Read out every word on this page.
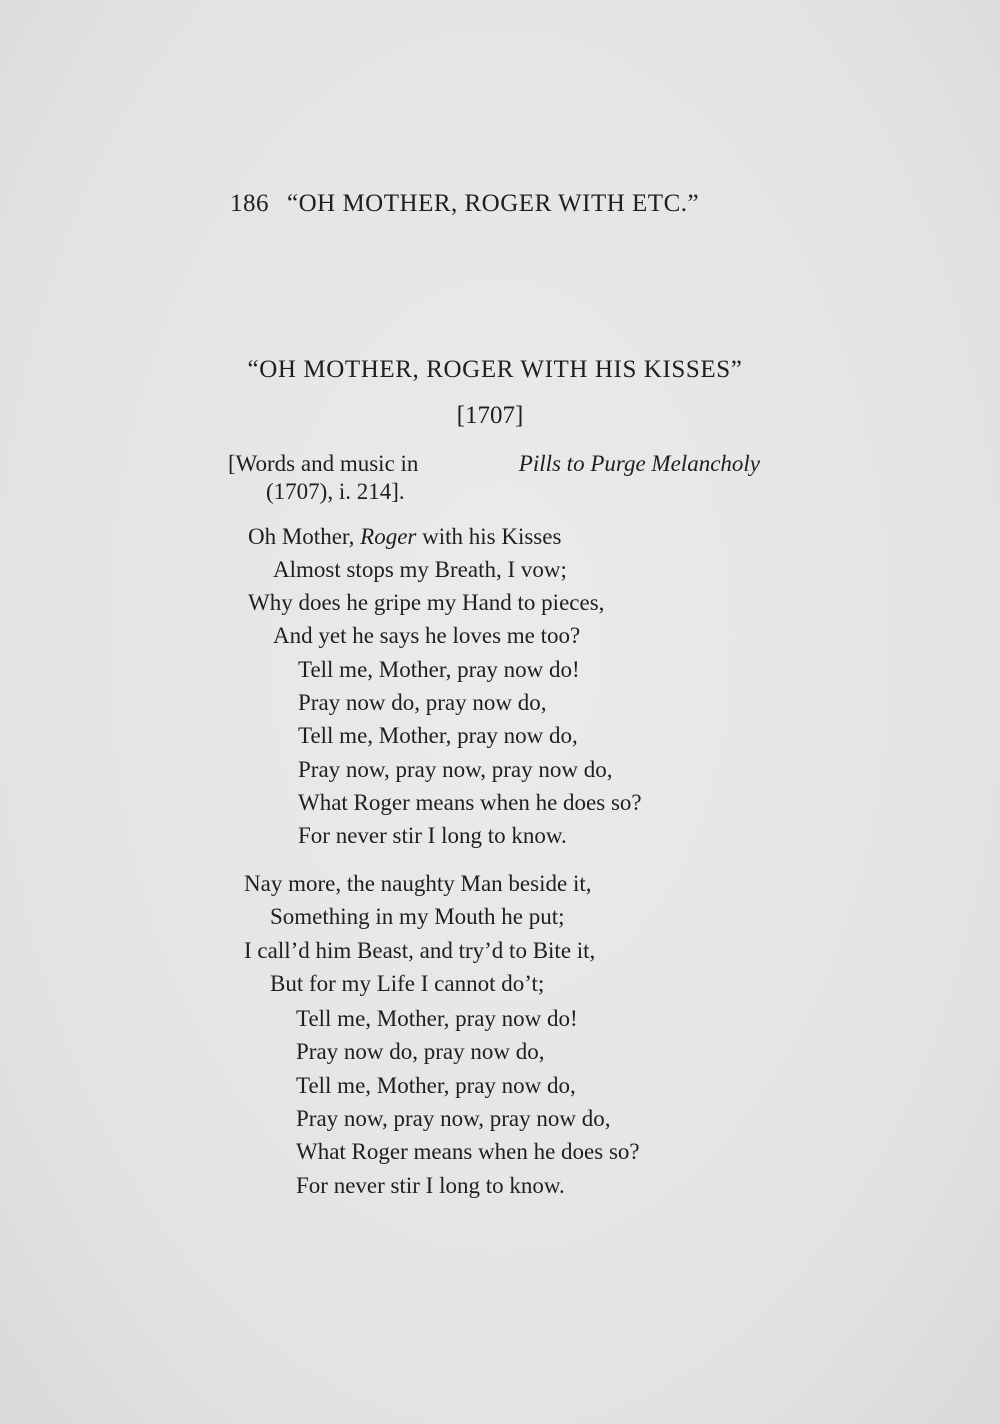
186 “OH MOTHER, ROGER WITH ETC.”
“OH MOTHER, ROGER WITH HIS KISSES”
[1707]
[Words and music in	Pills to Purge Melancholy
(1707), i. 214].
Oh Mother, Roger with his Kisses
Almost stops my Breath, I vow;
Why does he gripe my Hand to pieces,
And yet he says he loves me too?
Tell me, Mother, pray now do!
Pray now do, pray now do,
Tell me, Mother, pray now do,
Pray now, pray now, pray now do,
What Roger means when he does so?
For never stir I long to know.
Nay more, the naughty Man beside it,
Something in my Mouth he put;
I call’d him Beast, and try’d to Bite it,
But for my Life I cannot do’t;
Tell me, Mother, pray now do!
Pray now do, pray now do,
Tell me, Mother, pray now do,
Pray now, pray now, pray now do,
What Roger means when he does so?
For never stir I long to know.
